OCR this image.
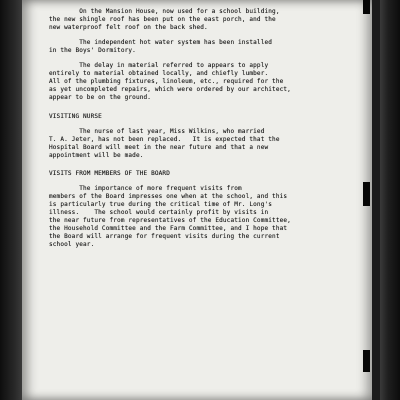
On the Mansion House, now used for a school building,
the new shingle roof has been put on the east porch, and the
new waterproof felt roof on the back shed.
The independent hot water system has been installed
in the Boys' Dormitory.
The delay in material referred to appears to apply
entirely to material obtained locally, and chiefly lumber.
All of the plumbing fixtures, linoleum, etc., required for the
as yet uncompleted repairs, which were ordered by our architect,
appear to be on the ground.
VISITING NURSE
The nurse of last year, Miss Wilkins, who married
T. A. Jeter, has not been replaced.   It is expected that the
Hospital Board will meet in the near future and that a new
appointment will be made.
VISITS FROM MEMBERS OF THE BOARD
The importance of more frequent visits from
members of the Board impresses one when at the school, and this
is particularly true during the critical time of Mr. Long's
illness.    The school would certainly profit by visits in
the near future from representatives of the Education Committee,
the Household Committee and the Farm Committee, and I hope that
the Board will arrange for frequent visits during the current
school year.
